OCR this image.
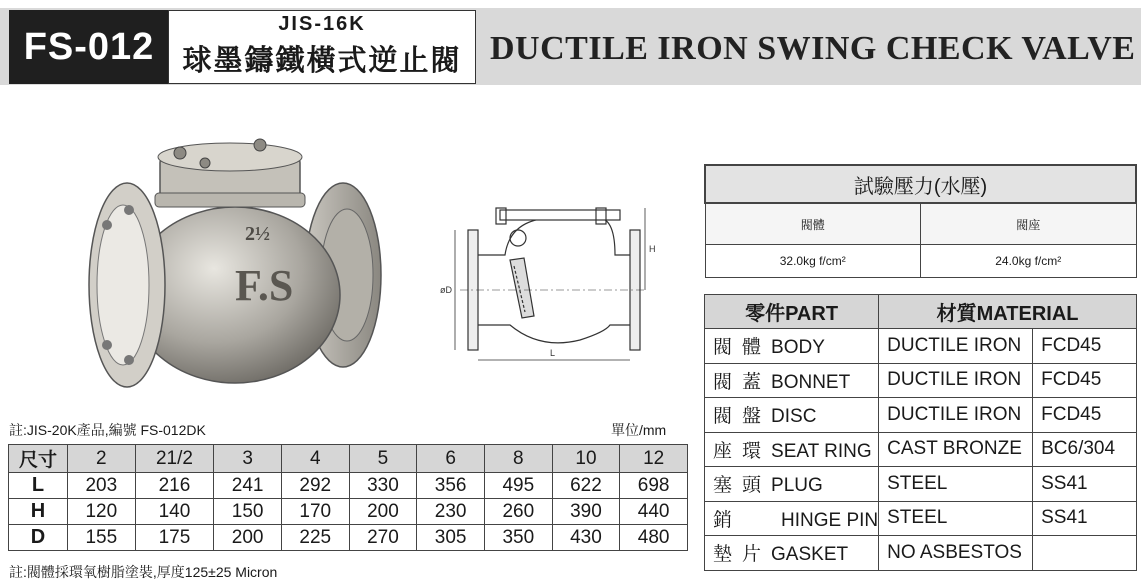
FS-012
JIS-16K
球墨鑄鐵橫式逆止閥 DUCTILE IRON SWING CHECK VALVE
2½
F.S
H
øD
L
試驗壓力(水壓)	
閥體	閥座
32.0kg f/cm²	24.0kg f/cm²
零件PART	材質MATERIAL	
閥體BODY	DUCTILE IRON	FCD45
閥蓋BONNET	DUCTILE IRON	FCD45
閥盤DISC	DUCTILE IRON	FCD45
座環SEAT RING	CAST BRONZE	BC6/304
塞頭PLUG	STEEL	SS41
銷 HINGE PIN	STEEL	SS41
墊片GASKET	NO ASBESTOS	
註:JIS-20K產品,編號 FS-012DK	單位/mm
尺寸	2	21/2	3	4	5	6	8	10	12
L	203	216	241	292	330	356	495	622	698
H	120	140	150	170	200	230	260	390	440
D	155	175	200	225	270	305	350	430	480
註:閥體採環氧樹脂塗裝,厚度125±25 Micron
